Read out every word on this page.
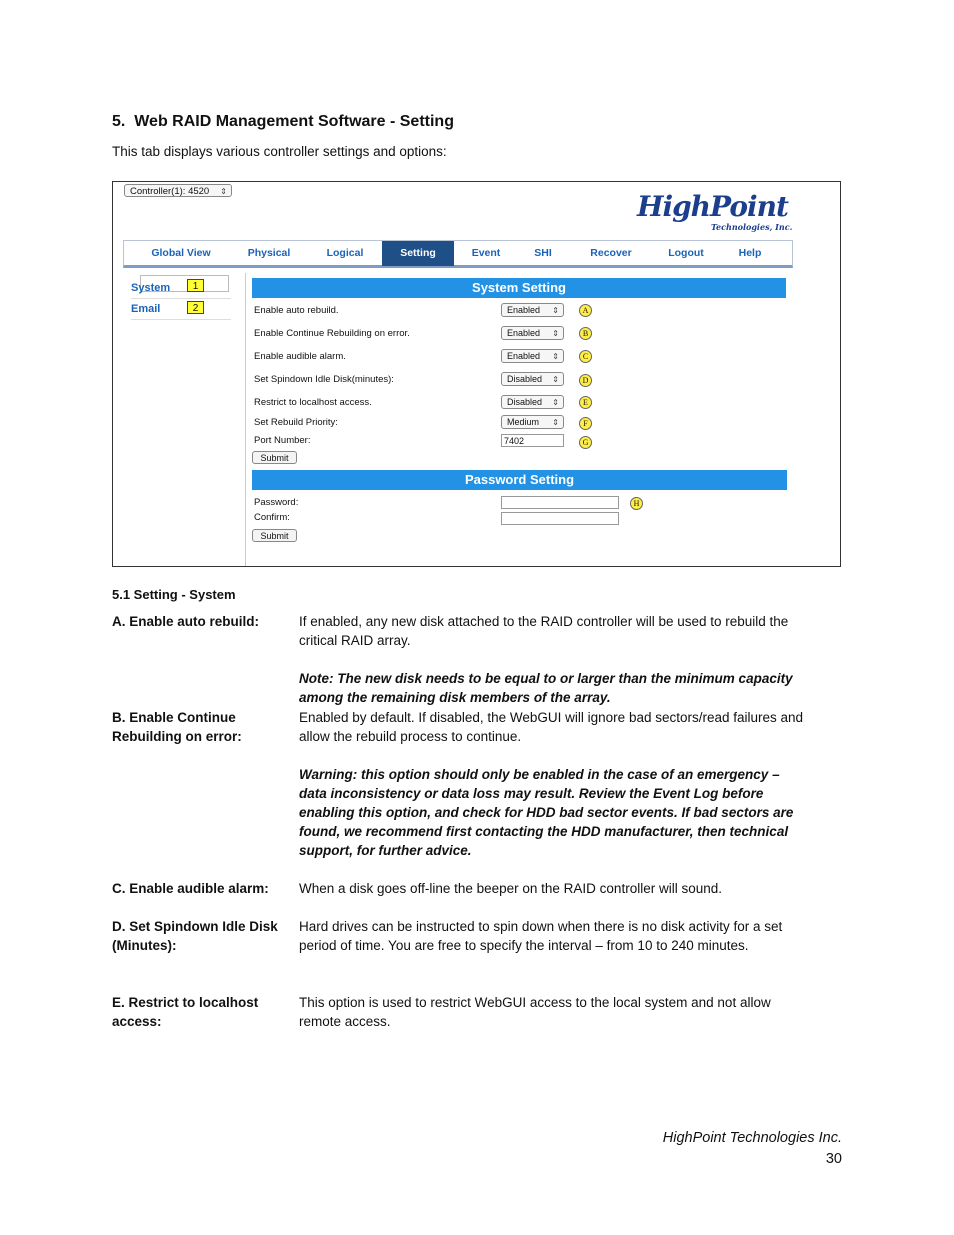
5. Web RAID Management Software - Setting
This tab displays various controller settings and options:
Controller(1): 4520 ⇕	HighPoint
Technologies, Inc.
Global View	Physical	Logical	Setting	Event	SHI	Recover	Logout	Help
System	1
Email	2
System Setting
Enable auto rebuild.	Enabled ⇕	A
Enable Continue Rebuilding on error.	Enabled ⇕	B
Enable audible alarm.	Enabled ⇕	C
Set Spindown Idle Disk(minutes):	Disabled ⇕	D
Restrict to localhost access.	Disabled ⇕	E
Set Rebuild Priority:	Medium ⇕	F
Port Number:	7402	G
Submit
Password Setting
Password:	H
Confirm:
Submit
5.1 Setting - System
A. Enable auto rebuild:	If enabled, any new disk attached to the RAID controller will be used to rebuild the critical RAID array.
Note: The new disk needs to be equal to or larger than the minimum capacity among the remaining disk members of the array.
B. Enable Continue Rebuilding on error:
Enabled by default. If disabled, the WebGUI will ignore bad sectors/read failures and allow the rebuild process to continue.
Warning: this option should only be enabled in the case of an emergency – data inconsistency or data loss may result. Review the Event Log before enabling this option, and check for HDD bad sector events. If bad sectors are found, we recommend first contacting the HDD manufacturer, then technical support, for further advice.
C. Enable audible alarm:	When a disk goes off-line the beeper on the RAID controller will sound.
D. Set Spindown Idle Disk (Minutes):
Hard drives can be instructed to spin down when there is no disk activity for a set period of time. You are free to specify the interval – from 10 to 240 minutes.
E. Restrict to localhost access:
This option is used to restrict WebGUI access to the local system and not allow remote access.
HighPoint Technologies Inc.
30
